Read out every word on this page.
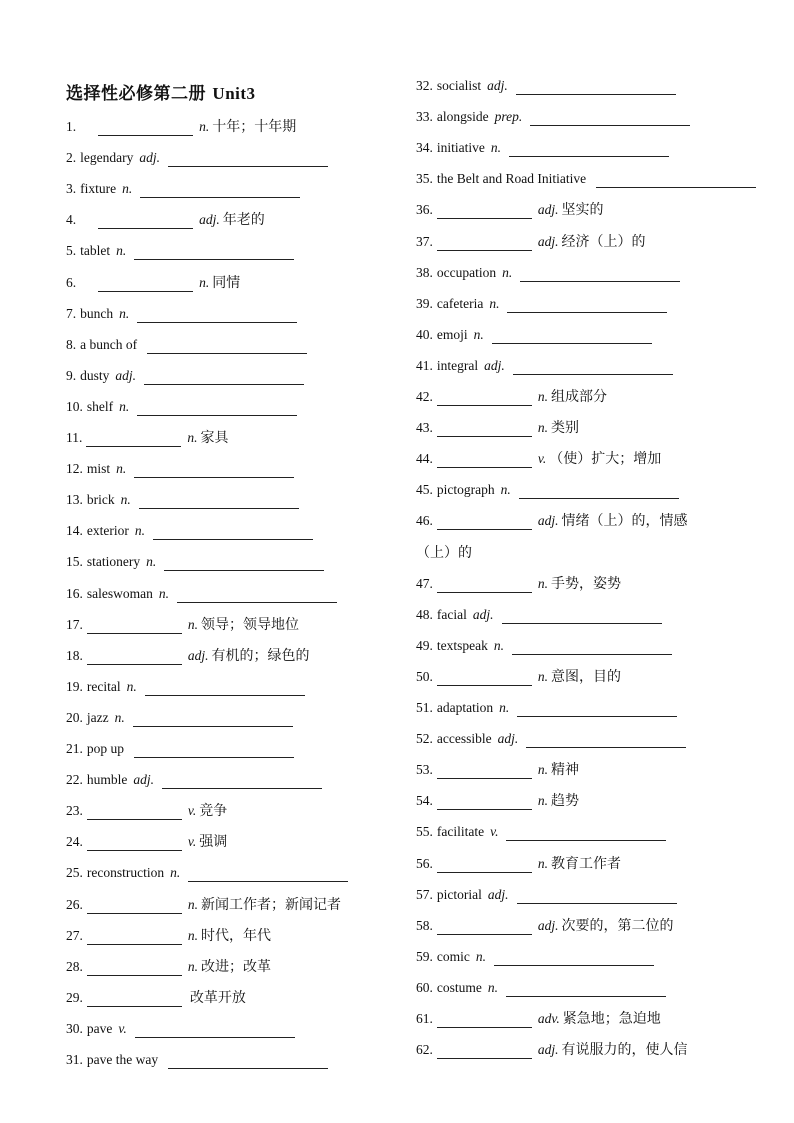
选择性必修第二册 Unit3
1.	n. 十年；十年期
2. legendary adj.
3. fixture n.
4.	adj. 年老的
5. tablet n.
6.	n. 同情
7. bunch n.
8. a bunch of
9. dusty adj.
10. shelf n.
11.	n. 家具
12. mist n.
13. brick n.
14. exterior n.
15. stationery n.
16. saleswoman n.
17.	n. 领导；领导地位
18.	adj. 有机的；绿色的
19. recital n.
20. jazz n.
21. pop up
22. humble adj.
23.	v. 竞争
24.	v. 强调
25. reconstruction n.
26.	n. 新闻工作者；新闻记者
27.	n. 时代，年代
28.	n. 改进；改革
29.	改革开放
30. pave v.
31. pave the way
32. socialist adj.
33. alongside prep.
34. initiative n.
35. the Belt and Road Initiative
36.	adj. 坚实的
37.	adj. 经济（上）的
38. occupation n.
39. cafeteria n.
40. emoji n.
41. integral adj.
42.	n. 组成部分
43.	n. 类别
44.	v. （使）扩大；增加
45. pictograph n.
46.	adj. 情绪（上）的，情感
（上）的
47.	n. 手势，姿势
48. facial adj.
49. textspeak n.
50.	n. 意图，目的
51. adaptation n.
52. accessible adj.
53.	n. 精神
54.	n. 趋势
55. facilitate v.
56.	n. 教育工作者
57. pictorial adj.
58.	adj. 次要的，第二位的
59. comic n.
60. costume n.
61.	adv. 紧急地；急迫地
62.	adj. 有说服力的，使人信
